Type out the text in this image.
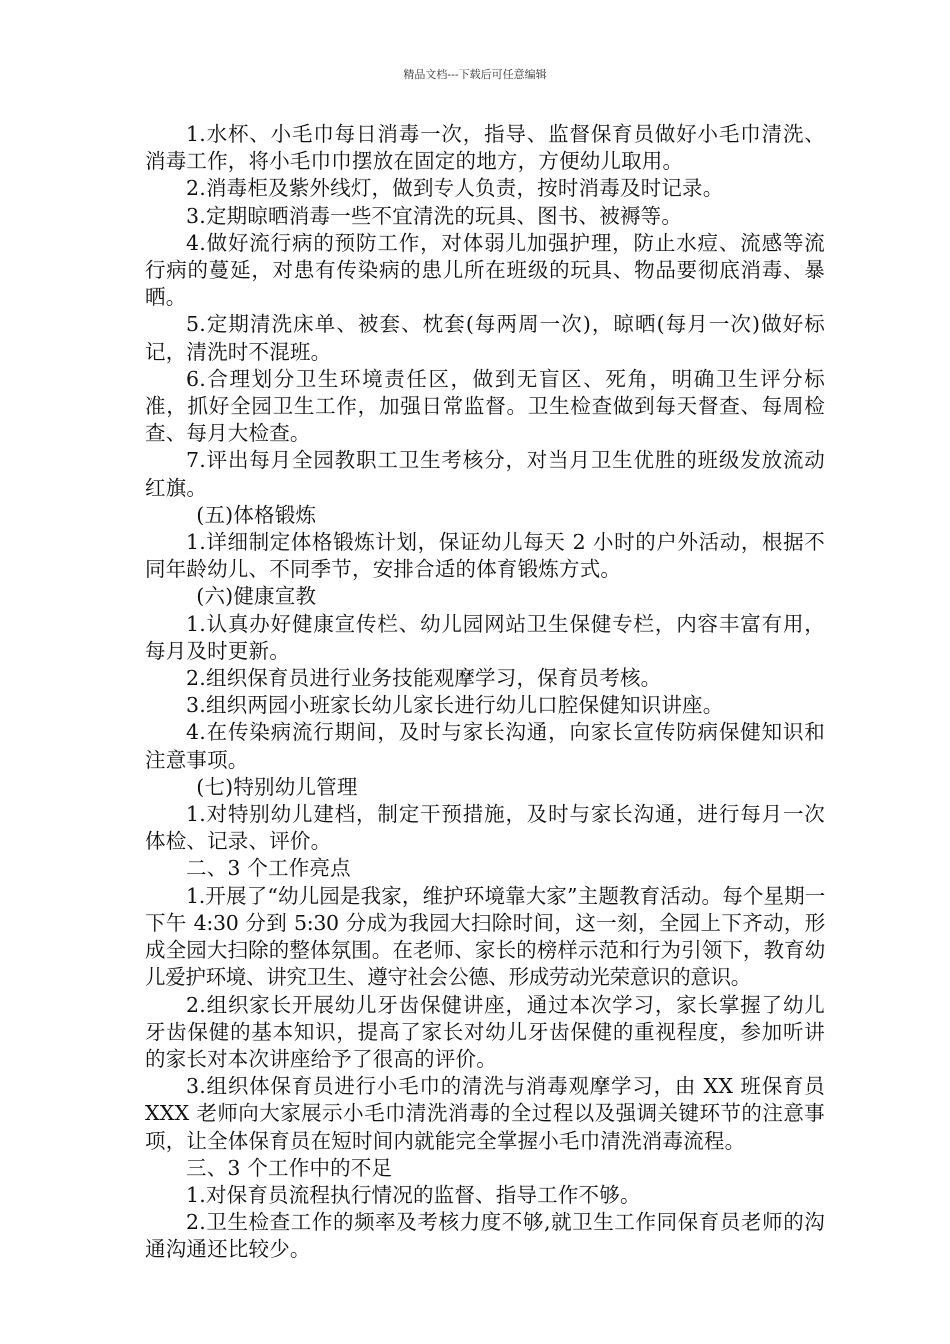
精品文档---下载后可任意编辑

1.水杯、小毛巾每日消毒一次，指导、监督保育员做好小毛巾清洗、消毒工作，将小毛巾巾摆放在固定的地方，方便幼儿取用。

2.消毒柜及紫外线灯，做到专人负责，按时消毒及时记录。

3.定期晾晒消毒一些不宜清洗的玩具、图书、被褥等。

4.做好流行病的预防工作，对体弱儿加强护理，防止水痘、流感等流行病的蔓延，对患有传染病的患儿所在班级的玩具、物品要彻底消毒、暴晒。

5.定期清洗床单、被套、枕套(每两周一次)，晾晒(每月一次)做好标记，清洗时不混班。

6.合理划分卫生环境责任区，做到无盲区、死角，明确卫生评分标准，抓好全园卫生工作，加强日常监督。卫生检查做到每天督查、每周检查、每月大检查。

7.评出每月全园教职工卫生考核分，对当月卫生优胜的班级发放流动红旗。

(五)体格锻炼

1.详细制定体格锻炼计划，保证幼儿每天 2 小时的户外活动，根据不同年龄幼儿、不同季节，安排合适的体育锻炼方式。

(六)健康宣教

1.认真办好健康宣传栏、幼儿园网站卫生保健专栏，内容丰富有用，每月及时更新。

2.组织保育员进行业务技能观摩学习，保育员考核。

3.组织两园小班家长幼儿家长进行幼儿口腔保健知识讲座。

4.在传染病流行期间，及时与家长沟通，向家长宣传防病保健知识和注意事项。

(七)特别幼儿管理

1.对特别幼儿建档，制定干预措施，及时与家长沟通，进行每月一次体检、记录、评价。

二、3 个工作亮点

1.开展了“幼儿园是我家，维护环境靠大家”主题教育活动。每个星期一下午 4:30 分到 5:30 分成为我园大扫除时间，这一刻，全园上下齐动，形成全园大扫除的整体氛围。在老师、家长的榜样示范和行为引领下，教育幼儿爱护环境、讲究卫生、遵守社会公德、形成劳动光荣意识的意识。

2.组织家长开展幼儿牙齿保健讲座，通过本次学习，家长掌握了幼儿牙齿保健的基本知识，提高了家长对幼儿牙齿保健的重视程度，参加听讲的家长对本次讲座给予了很高的评价。

3.组织体保育员进行小毛巾的清洗与消毒观摩学习，由 XX 班保育员 XXX 老师向大家展示小毛巾清洗消毒的全过程以及强调关键环节的注意事项，让全体保育员在短时间内就能完全掌握小毛巾清洗消毒流程。

三、3 个工作中的不足

1.对保育员流程执行情况的监督、指导工作不够。

2.卫生检查工作的频率及考核力度不够,就卫生工作同保育员老师的沟通沟通还比较少。
